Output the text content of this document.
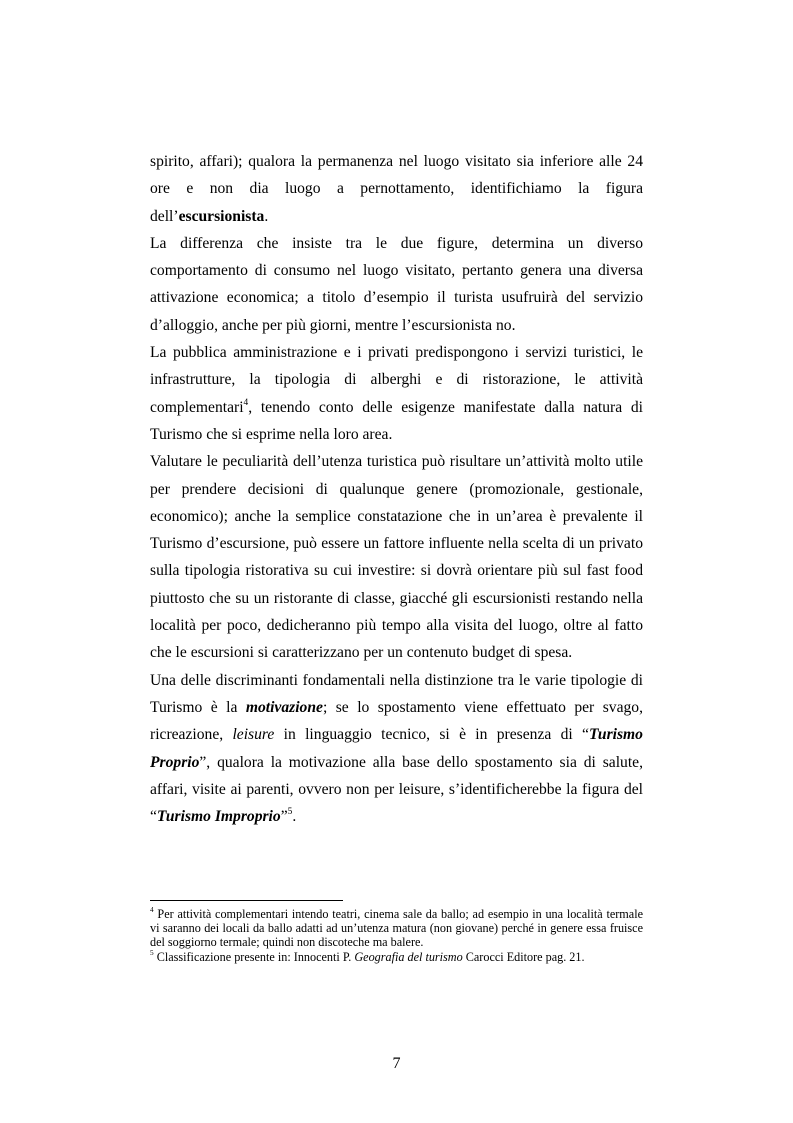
spirito, affari); qualora la permanenza nel luogo visitato sia inferiore alle 24 ore e non dia luogo a pernottamento, identifichiamo la figura dell’escursionista.

La differenza che insiste tra le due figure, determina un diverso comportamento di consumo nel luogo visitato, pertanto genera una diversa attivazione economica; a titolo d’esempio il turista usufruirà del servizio d’alloggio, anche per più giorni, mentre l’escursionista no.

La pubblica amministrazione e i privati predispongono i servizi turistici, le infrastrutture, la tipologia di alberghi e di ristorazione, le attività complementari$^4$, tenendo conto delle esigenze manifestate dalla natura di Turismo che si esprime nella loro area.

Valutare le peculiarità dell’utenza turistica può risultare un’attività molto utile per prendere decisioni di qualunque genere (promozionale, gestionale, economico); anche la semplice constatazione che in un’area è prevalente il Turismo d’escursione, può essere un fattore influente nella scelta di un privato sulla tipologia ristorativa su cui investire: si dovrà orientare più sul fast food piuttosto che su un ristorante di classe, giacché gli escursionisti restando nella località per poco, dedicheranno più tempo alla visita del luogo, oltre al fatto che le escursioni si caratterizzano per un contenuto budget di spesa.

Una delle discriminanti fondamentali nella distinzione tra le varie tipologie di Turismo è la motivazione; se lo spostamento viene effettuato per svago, ricreazione, leisure in linguaggio tecnico, si è in presenza di “Turismo Proprio”, qualora la motivazione alla base dello spostamento sia di salute, affari, visite ai parenti, ovvero non per leisure, s’identificherebbe la figura del “Turismo Improprio”$^5$.

$^4$ Per attività complementari intendo teatri, cinema sale da ballo; ad esempio in una località termale vi saranno dei locali da ballo adatti ad un’utenza matura (non giovane) perché in genere essa fruisce del soggiorno termale; quindi non discoteche ma balere.

$^5$ Classificazione presente in: Innocenti P. Geografia del turismo Carocci Editore pag. 21.

7
